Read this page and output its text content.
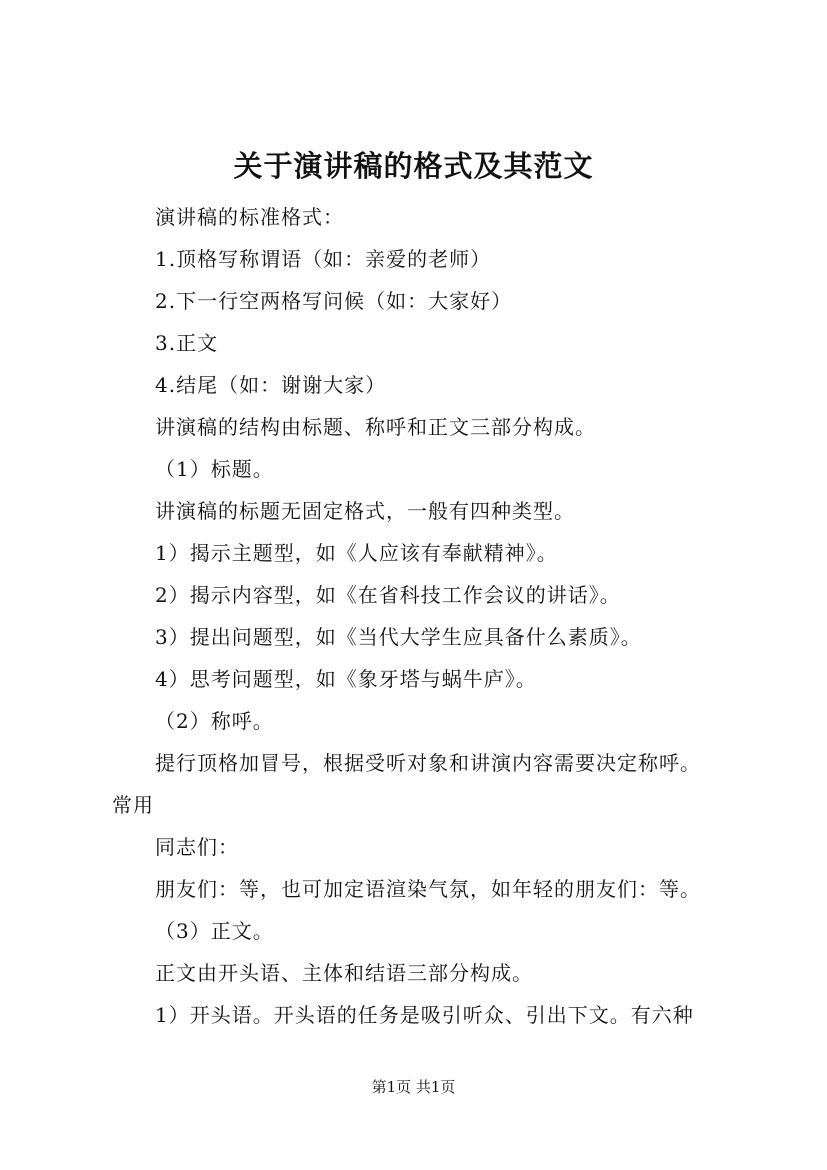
关于演讲稿的格式及其范文
演讲稿的标准格式：
1.顶格写称谓语（如：亲爱的老师）
2.下一行空两格写问候（如：大家好）
3.正文
4.结尾（如：谢谢大家）
讲演稿的结构由标题、称呼和正文三部分构成。
（1）标题。
讲演稿的标题无固定格式，一般有四种类型。
1）揭示主题型，如《人应该有奉献精神》。
2）揭示内容型，如《在省科技工作会议的讲话》。
3）提出问题型，如《当代大学生应具备什么素质》。
4）思考问题型，如《象牙塔与蜗牛庐》。
（2）称呼。
提行顶格加冒号，根据受听对象和讲演内容需要决定称呼。
常用
同志们：
朋友们：等，也可加定语渲染气氛，如年轻的朋友们：等。
（3）正文。
正文由开头语、主体和结语三部分构成。
1）开头语。开头语的任务是吸引听众、引出下文。有六种
第1页 共1页
